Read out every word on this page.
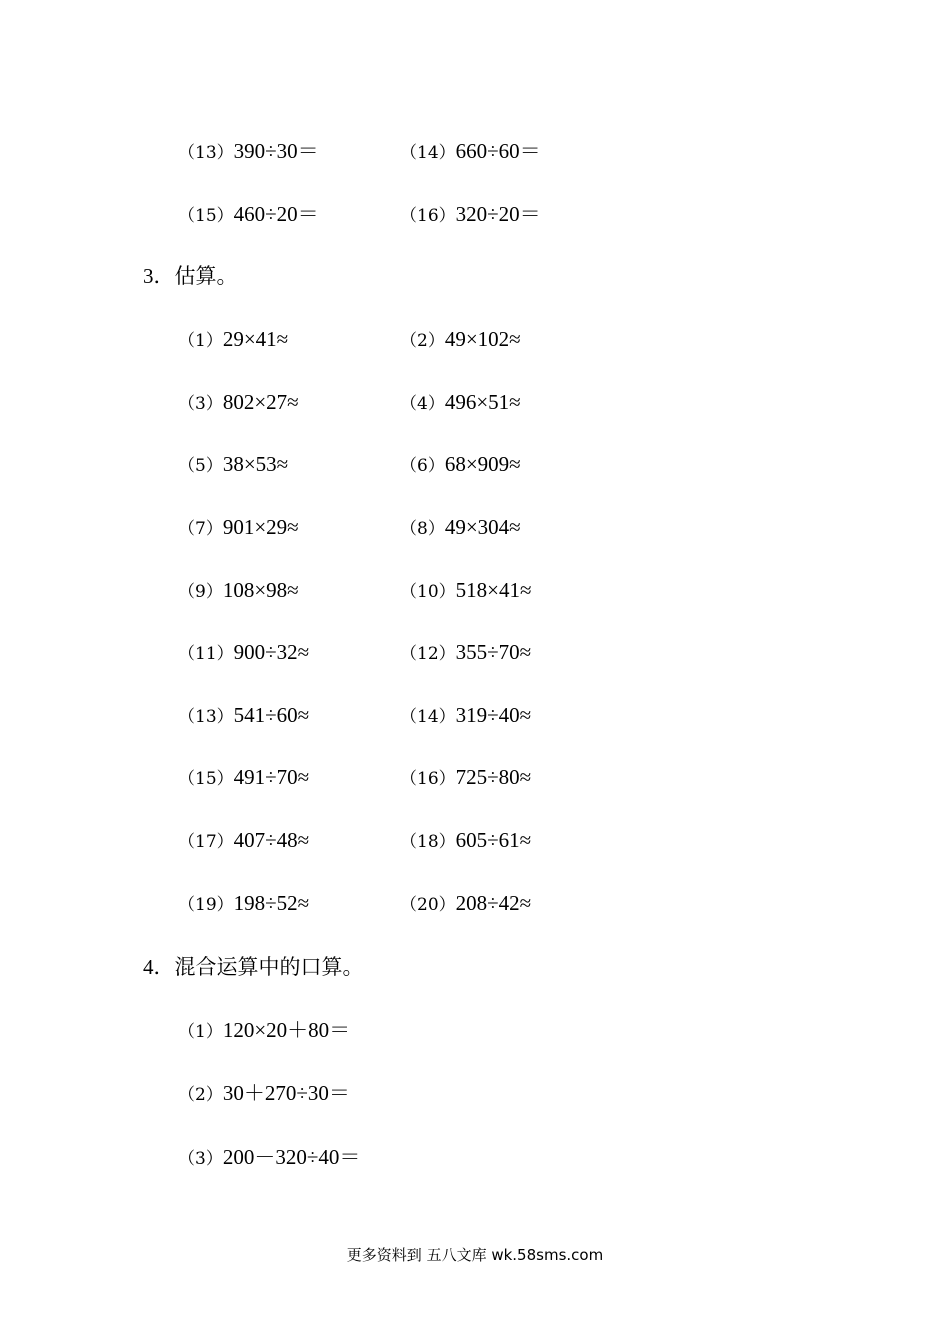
（13）390÷30＝	（14）660÷60＝
（15）460÷20＝	（16）320÷20＝
3．估算。
（1）29×41≈	（2）49×102≈
（3）802×27≈	（4）496×51≈
（5）38×53≈	（6）68×909≈
（7）901×29≈	（8）49×304≈
（9）108×98≈	（10）518×41≈
（11）900÷32≈	（12）355÷70≈
（13）541÷60≈	（14）319÷40≈
（15）491÷70≈	（16）725÷80≈
（17）407÷48≈	（18）605÷61≈
（19）198÷52≈	（20）208÷42≈
4．混合运算中的口算。
（1）120×20＋80＝
（2）30＋270÷30＝
（3）200－320÷40＝
更多资料到 五八文库 wk.58sms.com
